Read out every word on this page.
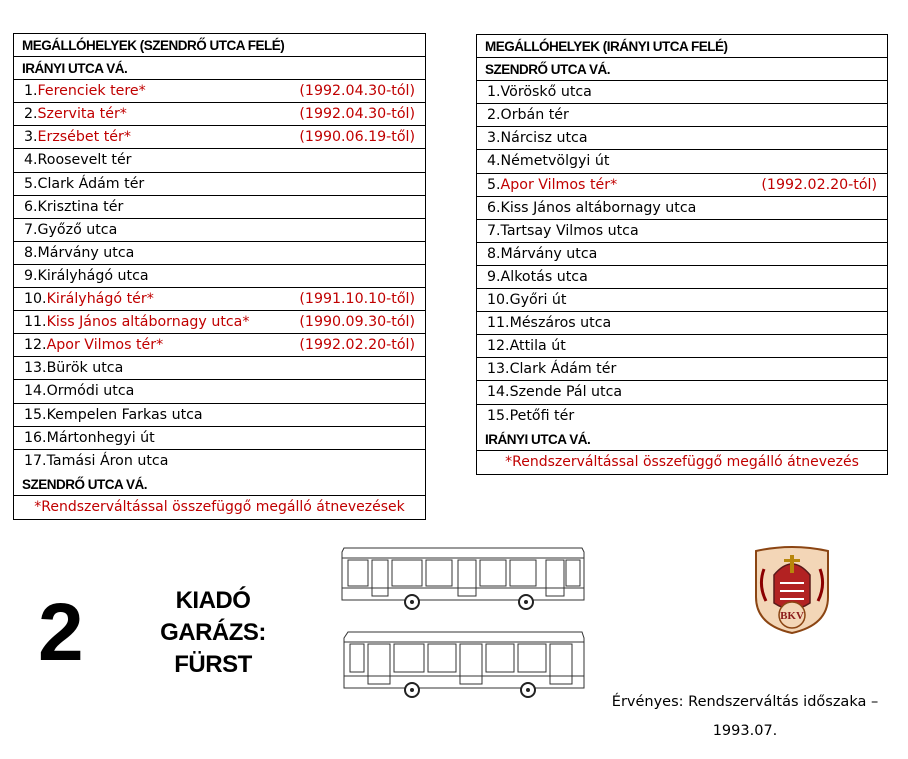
MEGÁLLÓHELYEK (SZENDRŐ UTCA FELÉ)
IRÁNYI UTCA VÁ.
1.Ferenciek tere*	(1992.04.30-tól)
2.Szervita tér*	(1992.04.30-tól)
3.Erzsébet tér*	(1990.06.19-től)
4.Roosevelt tér
5.Clark Ádám tér
6.Krisztina tér
7.Győző utca
8.Márvány utca
9.Királyhágó utca
10.Királyhágó tér*	(1991.10.10-től)
11.Kiss János altábornagy utca*	(1990.09.30-tól)
12.Apor Vilmos tér*	(1992.02.20-tól)
13.Bürök utca
14.Ormódi utca
15.Kempelen Farkas utca
16.Mártonhegyi út
17.Tamási Áron utca
SZENDRŐ UTCA VÁ.
*Rendszerváltással összefüggő megálló átnevezések
MEGÁLLÓHELYEK (IRÁNYI UTCA FELÉ)
SZENDRŐ UTCA VÁ.
1.Vöröskő utca
2.Orbán tér
3.Nárcisz utca
4.Németvölgyi út
5.Apor Vilmos tér*	(1992.02.20-tól)
6.Kiss János altábornagy utca
7.Tartsay Vilmos utca
8.Márvány utca
9.Alkotás utca
10.Győri út
11.Mészáros utca
12.Attila út
13.Clark Ádám tér
14.Szende Pál utca
15.Petőfi tér
IRÁNYI UTCA VÁ.
*Rendszerváltással összefüggő megálló átnevezés
2	KIADÓ GARÁZS:
FÜRST
BKV
Érvényes: Rendszerváltás időszaka –
1993.07.
